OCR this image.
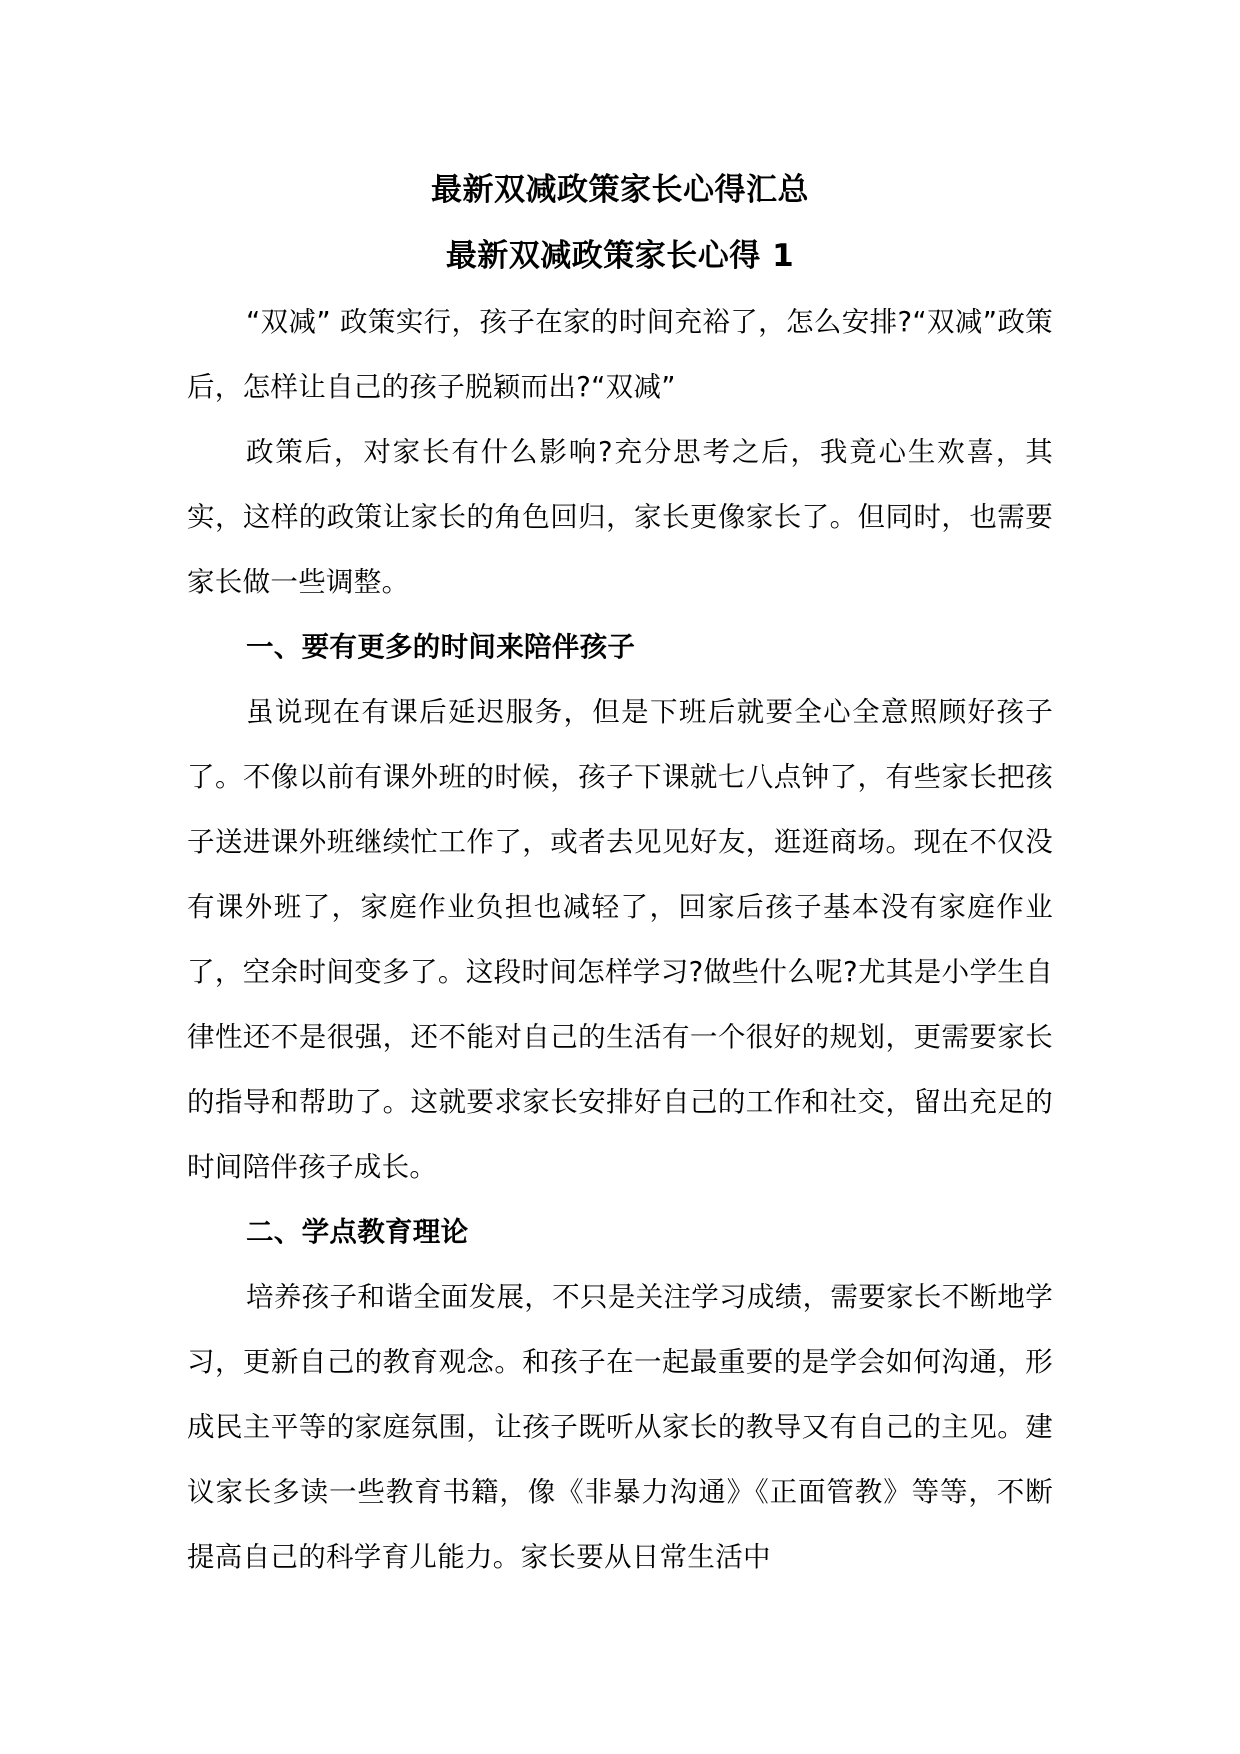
最新双减政策家长心得汇总
最新双减政策家长心得 1

“双减” 政策实行，孩子在家的时间充裕了，怎么安排?“双减”政策后，怎样让自己的孩子脱颖而出?“双减”

政策后，对家长有什么影响?充分思考之后，我竟心生欢喜，其实，这样的政策让家长的角色回归，家长更像家长了。但同时，也需要家长做一些调整。

一、要有更多的时间来陪伴孩子

虽说现在有课后延迟服务，但是下班后就要全心全意照顾好孩子了。不像以前有课外班的时候，孩子下课就七八点钟了，有些家长把孩子送进课外班继续忙工作了，或者去见见好友，逛逛商场。现在不仅没有课外班了，家庭作业负担也减轻了，回家后孩子基本没有家庭作业了，空余时间变多了。这段时间怎样学习?做些什么呢?尤其是小学生自律性还不是很强，还不能对自己的生活有一个很好的规划，更需要家长的指导和帮助了。这就要求家长安排好自己的工作和社交，留出充足的时间陪伴孩子成长。

二、学点教育理论

培养孩子和谐全面发展，不只是关注学习成绩，需要家长不断地学习，更新自己的教育观念。和孩子在一起最重要的是学会如何沟通，形成民主平等的家庭氛围，让孩子既听从家长的教导又有自己的主见。建议家长多读一些教育书籍，像《非暴力沟通》《正面管教》等等，不断提高自己的科学育儿能力。家长要从日常生活中
